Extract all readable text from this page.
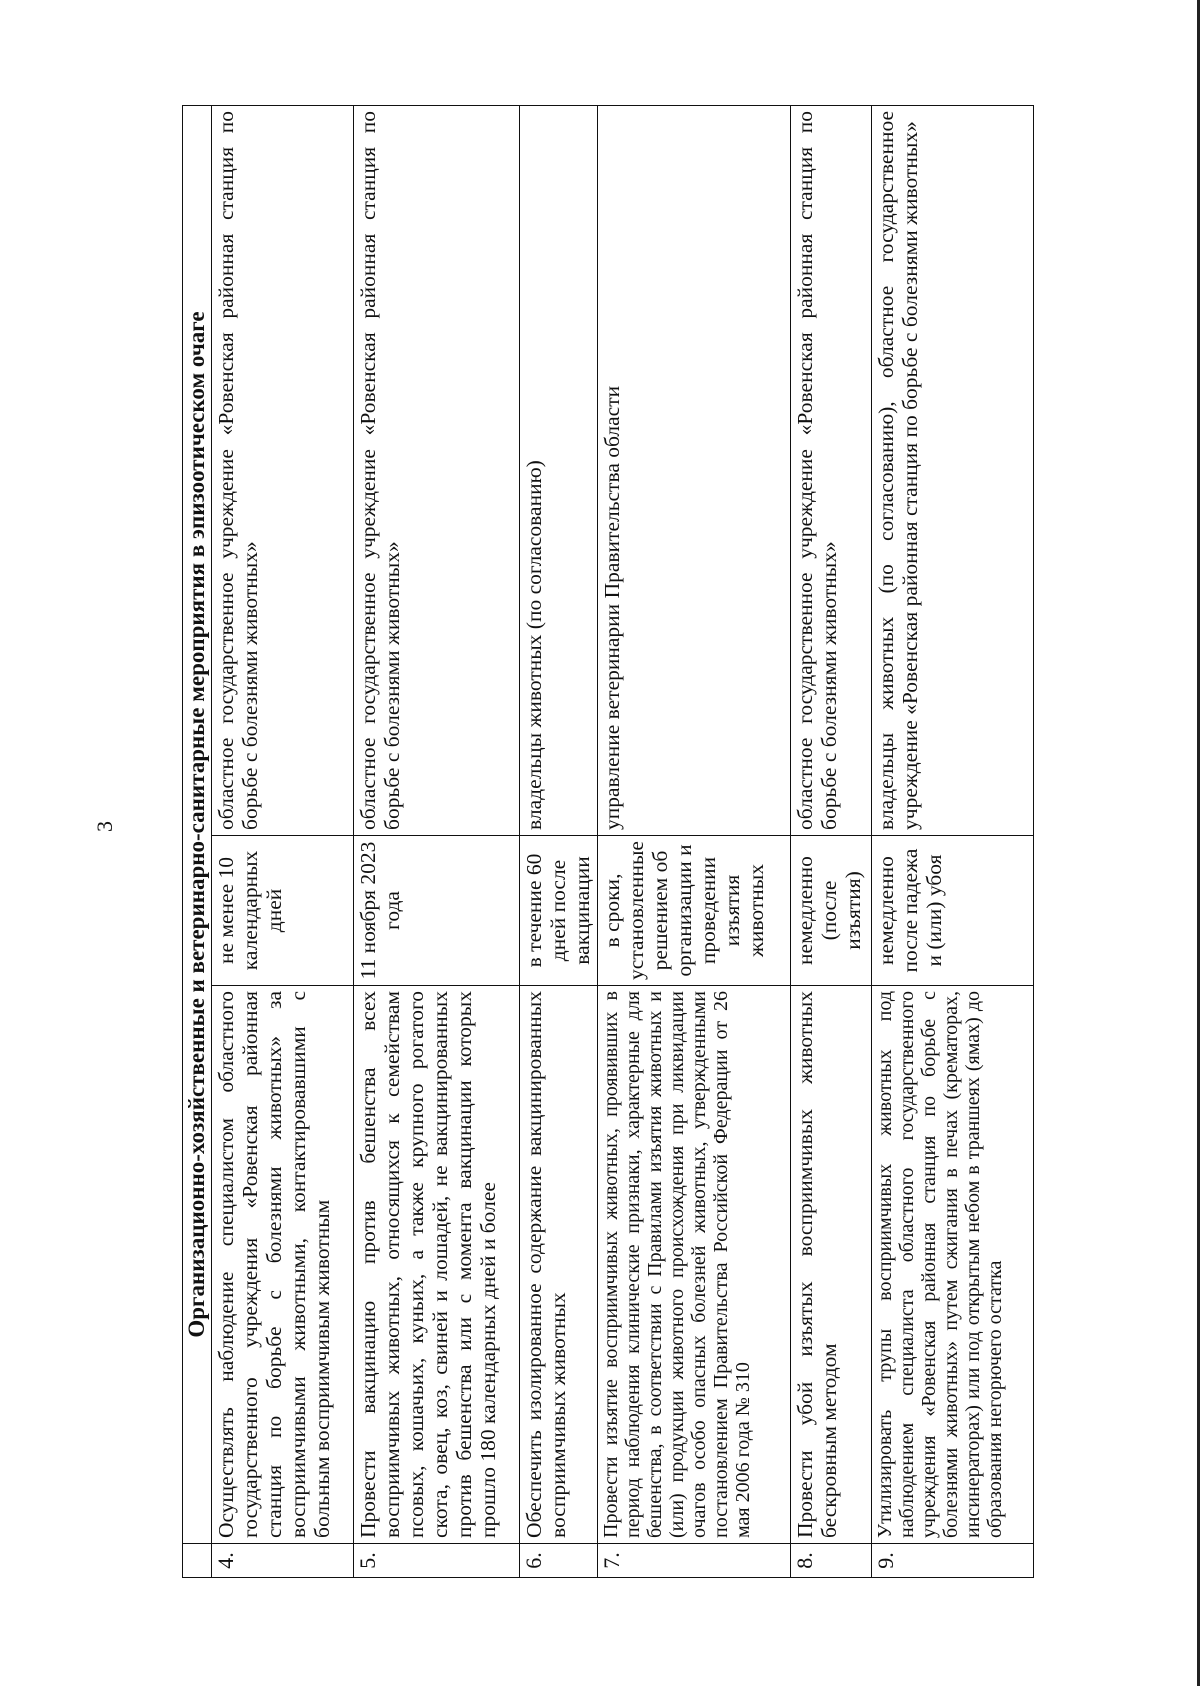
3
		Организационно-хозяйственные и ветеринарно-санитарные мероприятия в эпизоотическом очаге		
4.	Осуществлять наблюдение специалистом областного государственного учреждения «Ровенская районная станция по борьбе с болезнями животных» за восприимчивыми животными, контактировавшими с больным восприимчивым животным	не менее 10 календарных дней	областное государственное учреждение «Ровенская районная станция по борьбе с болезнями животных»
5.	Провести вакцинацию против бешенства всех восприимчивых животных, относящихся к семействам псовых, кошачьих, куньих, а также крупного рогатого скота, овец, коз, свиней и лошадей, не вакцинированных против бешенства или с момента вакцинации которых прошло 180 календарных дней и более	11 ноября 2023 года	областное государственное учреждение «Ровенская районная станция по борьбе с болезнями животных»
6.	Обеспечить изолированное содержание вакцинированных восприимчивых животных	в течение 60 дней после вакцинации	владельцы животных (по согласованию)
7.	Провести изъятие восприимчивых животных, проявивших в период наблюдения клинические признаки, характерные для бешенства, в соответствии с Правилами изъятия животных и (или) продукции животного происхождения при ликвидации очагов особо опасных болезней животных, утвержденными постановлением Правительства Российской Федерации от 26 мая 2006 года № 310	в сроки, установленные решением об организации и проведении изъятия животных	управление ветеринарии Правительства области
8.	Провести убой изъятых восприимчивых животных бескровным методом	немедленно (после изъятия)	областное государственное учреждение «Ровенская районная станция по борьбе с болезнями животных»
9.	Утилизировать трупы восприимчивых животных под наблюдением специалиста областного государственного учреждения «Ровенская районная станция по борьбе с болезнями животных» путем сжигания в печах (крематорах, инсинераторах) или под открытым небом в траншеях (ямах) до образования негорючего остатка	немедленно после падежа и (или) убоя	владельцы животных (по согласованию), областное государственное учреждение «Ровенская районная станция по борьбе с болезнями животных»
